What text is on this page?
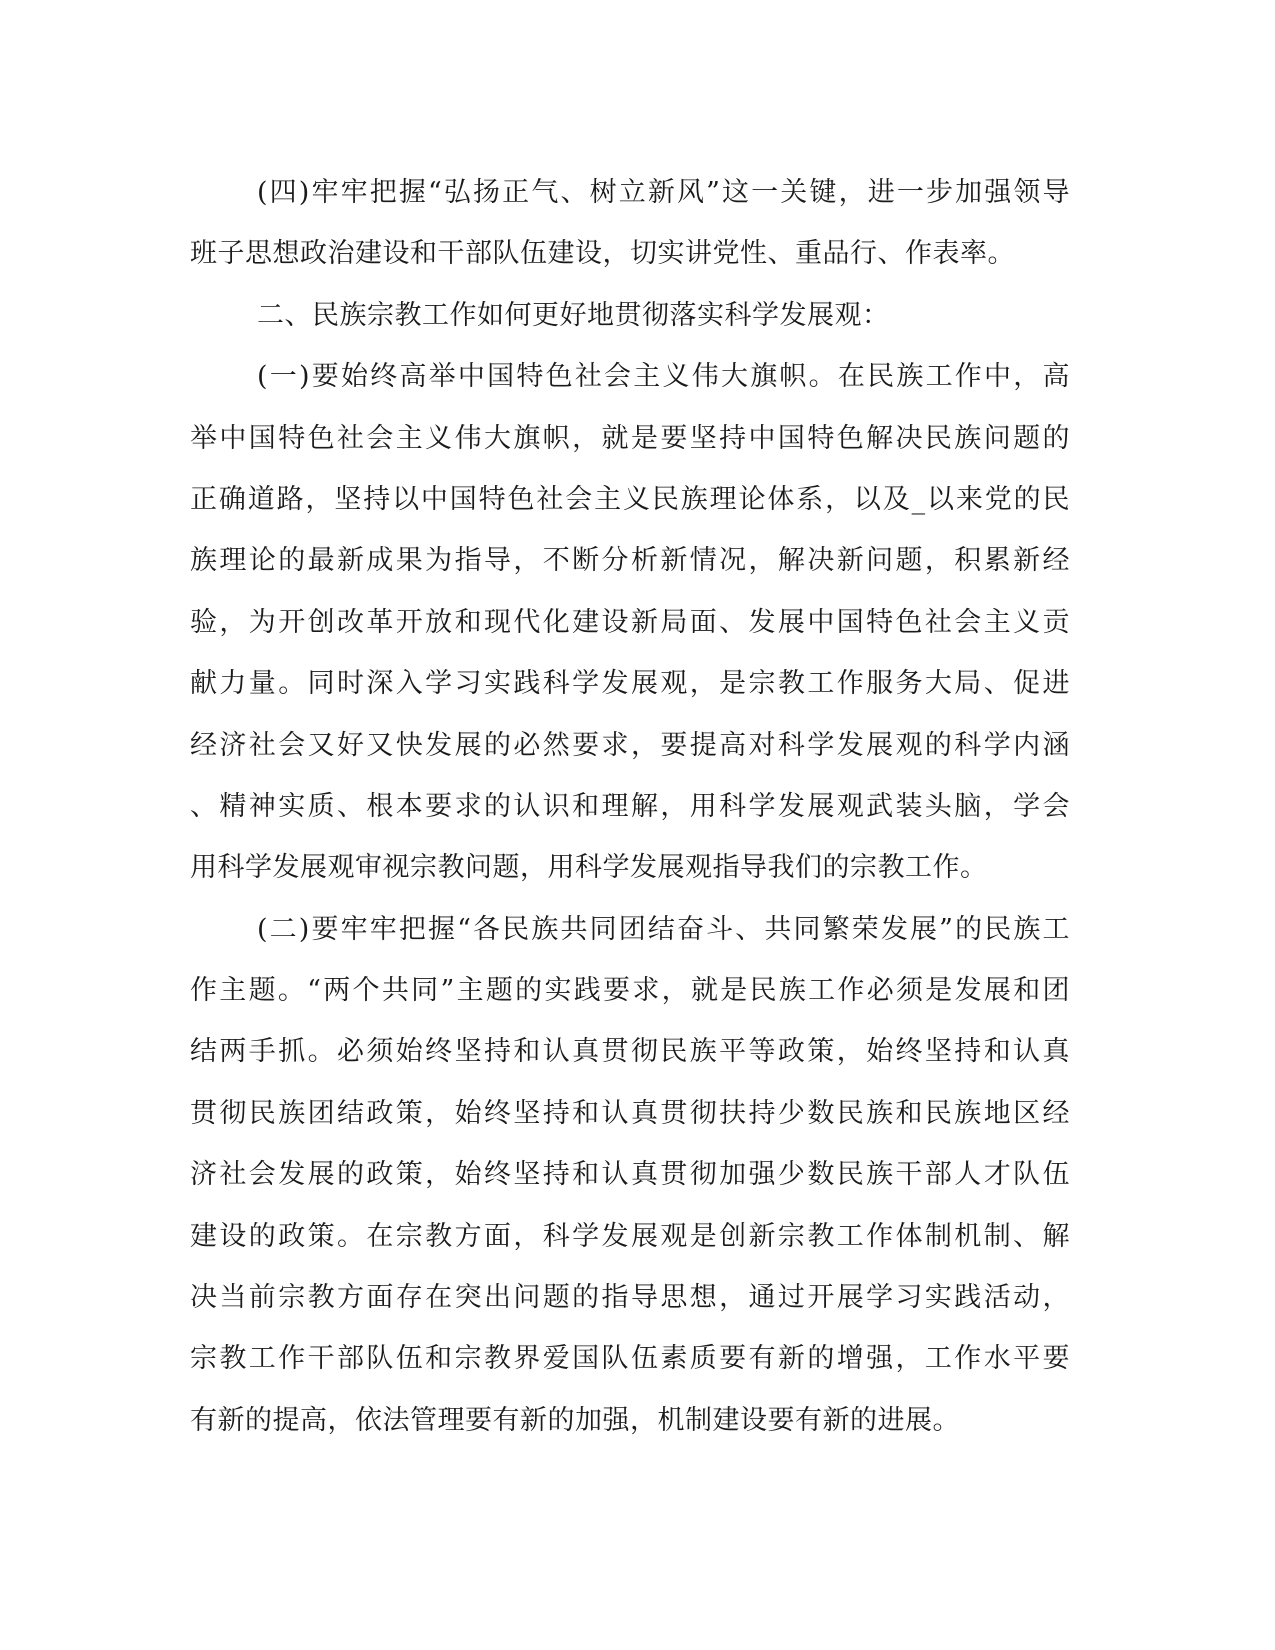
(四)牢牢把握“弘扬正气、树立新风”这一关键，进一步加强领导
班子思想政治建设和干部队伍建设，切实讲党性、重品行、作表率。
二、民族宗教工作如何更好地贯彻落实科学发展观：
(一)要始终高举中国特色社会主义伟大旗帜。在民族工作中，高
举中国特色社会主义伟大旗帜，就是要坚持中国特色解决民族问题的
正确道路，坚持以中国特色社会主义民族理论体系，以及_以来党的民
族理论的最新成果为指导，不断分析新情况，解决新问题，积累新经
验，为开创改革开放和现代化建设新局面、发展中国特色社会主义贡
献力量。同时深入学习实践科学发展观，是宗教工作服务大局、促进
经济社会又好又快发展的必然要求，要提高对科学发展观的科学内涵
、精神实质、根本要求的认识和理解，用科学发展观武装头脑，学会
用科学发展观审视宗教问题，用科学发展观指导我们的宗教工作。
(二)要牢牢把握“各民族共同团结奋斗、共同繁荣发展”的民族工
作主题。“两个共同”主题的实践要求，就是民族工作必须是发展和团
结两手抓。必须始终坚持和认真贯彻民族平等政策，始终坚持和认真
贯彻民族团结政策，始终坚持和认真贯彻扶持少数民族和民族地区经
济社会发展的政策，始终坚持和认真贯彻加强少数民族干部人才队伍
建设的政策。在宗教方面，科学发展观是创新宗教工作体制机制、解
决当前宗教方面存在突出问题的指导思想，通过开展学习实践活动，
宗教工作干部队伍和宗教界爱国队伍素质要有新的增强，工作水平要
有新的提高，依法管理要有新的加强，机制建设要有新的进展。
